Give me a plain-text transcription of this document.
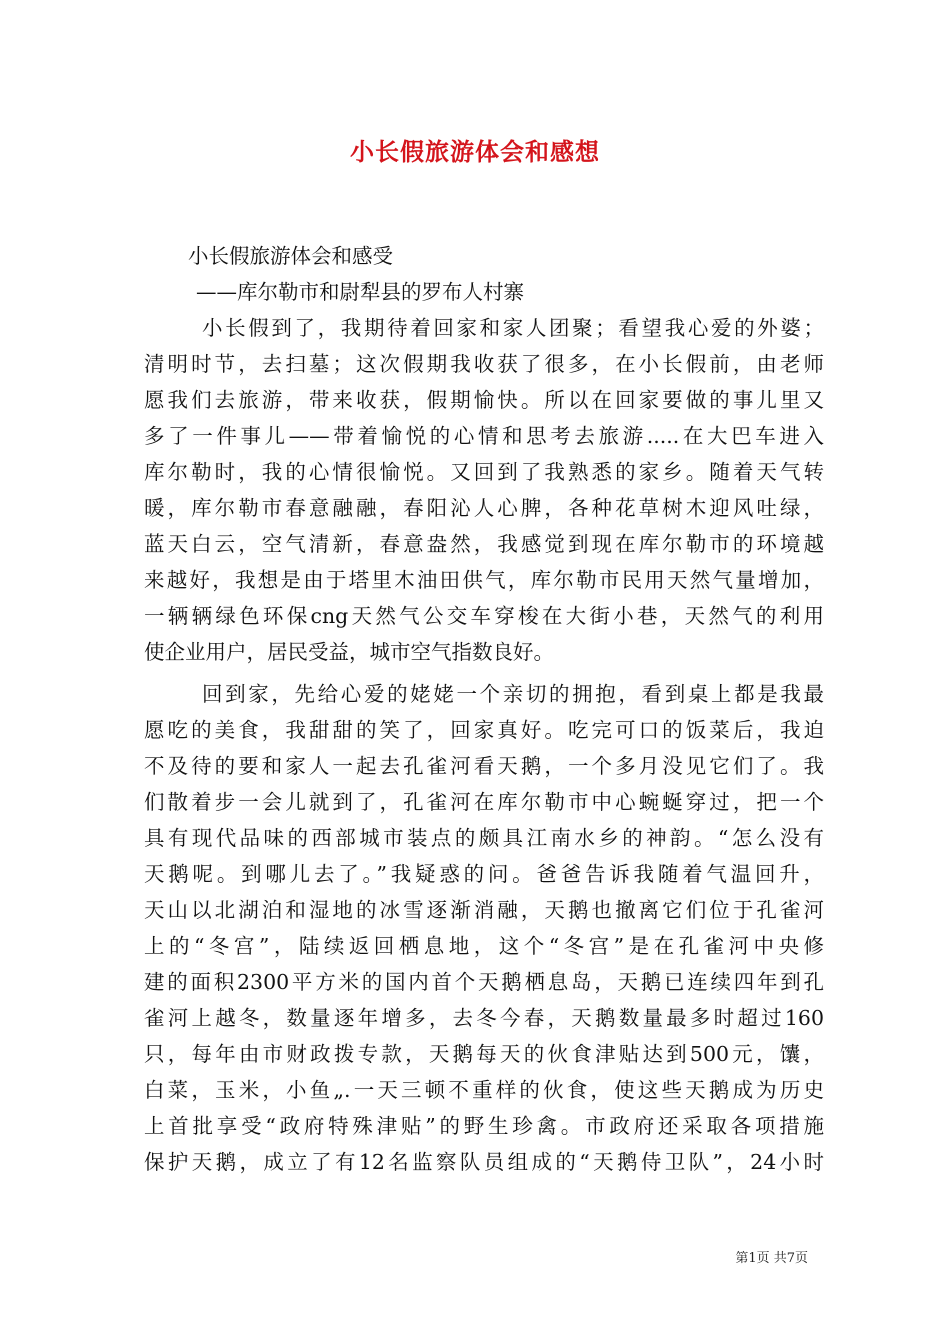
小长假旅游体会和感想
小长假旅游体会和感受
——库尔勒市和尉犁县的罗布人村寨
小长假到了，我期待着回家和家人团聚；看望我心爱的外婆；
清明时节，去扫墓；这次假期我收获了很多，在小长假前，由老师
愿我们去旅游，带来收获，假期愉快。所以在回家要做的事儿里又
多了一件事儿——带着愉悦的心情和思考去旅游.....在大巴车进入
库尔勒时，我的心情很愉悦。又回到了我熟悉的家乡。随着天气转
暖，库尔勒市春意融融，春阳沁人心脾，各种花草树木迎风吐绿，
蓝天白云，空气清新，春意盎然，我感觉到现在库尔勒市的环境越
来越好，我想是由于塔里木油田供气，库尔勒市民用天然气量增加，
一辆辆绿色环保cng天然气公交车穿梭在大街小巷，天然气的利用
使企业用户，居民受益，城市空气指数良好。
回到家，先给心爱的姥姥一个亲切的拥抱，看到桌上都是我最
愿吃的美食，我甜甜的笑了，回家真好。吃完可口的饭菜后，我迫
不及待的要和家人一起去孔雀河看天鹅，一个多月没见它们了。我
们散着步一会儿就到了，孔雀河在库尔勒市中心蜿蜒穿过，把一个
具有现代品味的西部城市装点的颇具江南水乡的神韵。“怎么没有
天鹅呢。到哪儿去了。”我疑惑的问。爸爸告诉我随着气温回升，
天山以北湖泊和湿地的冰雪逐渐消融，天鹅也撤离它们位于孔雀河
上的“冬宫”，陆续返回栖息地，这个“冬宫”是在孔雀河中央修
建的面积2300平方米的国内首个天鹅栖息岛，天鹅已连续四年到孔
雀河上越冬，数量逐年增多，去冬今春，天鹅数量最多时超过160
只，每年由市财政拨专款，天鹅每天的伙食津贴达到500元，馕，
白菜，玉米，小鱼„.一天三顿不重样的伙食，使这些天鹅成为历史
上首批享受“政府特殊津贴”的野生珍禽。市政府还采取各项措施
保护天鹅，成立了有12名监察队员组成的“天鹅侍卫队”，24小时
第1页 共7页
